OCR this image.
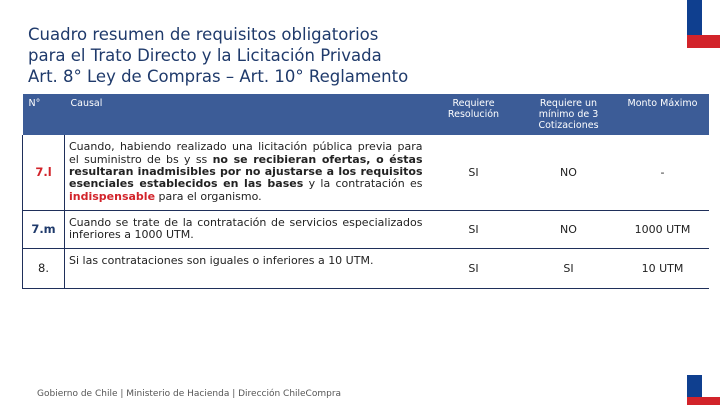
Cuadro resumen de requisitos obligatorios
para el Trato Directo y la Licitación Privada
Art. 8° Ley de Compras – Art. 10° Reglamento
N°	Causal	Requiere Resolución	Requiere un mínimo de 3 Cotizaciones	Monto Máximo
7.l	Cuando, habiendo realizado una licitación pública previa para el suministro de bs y ss no se recibieran ofertas, o éstas resultaran inadmisibles por no ajustarse a los requisitos esenciales establecidos en las bases y la contratación es indispensable para el organismo.	SI	NO	-
7.m	Cuando se trate de la contratación de servicios especializados inferiores a 1000 UTM.	SI	NO	1000 UTM
8.	Si las contrataciones son iguales o inferiores a 10 UTM.	SI	SI	10 UTM
Gobierno de Chile | Ministerio de Hacienda | Dirección ChileCompra
